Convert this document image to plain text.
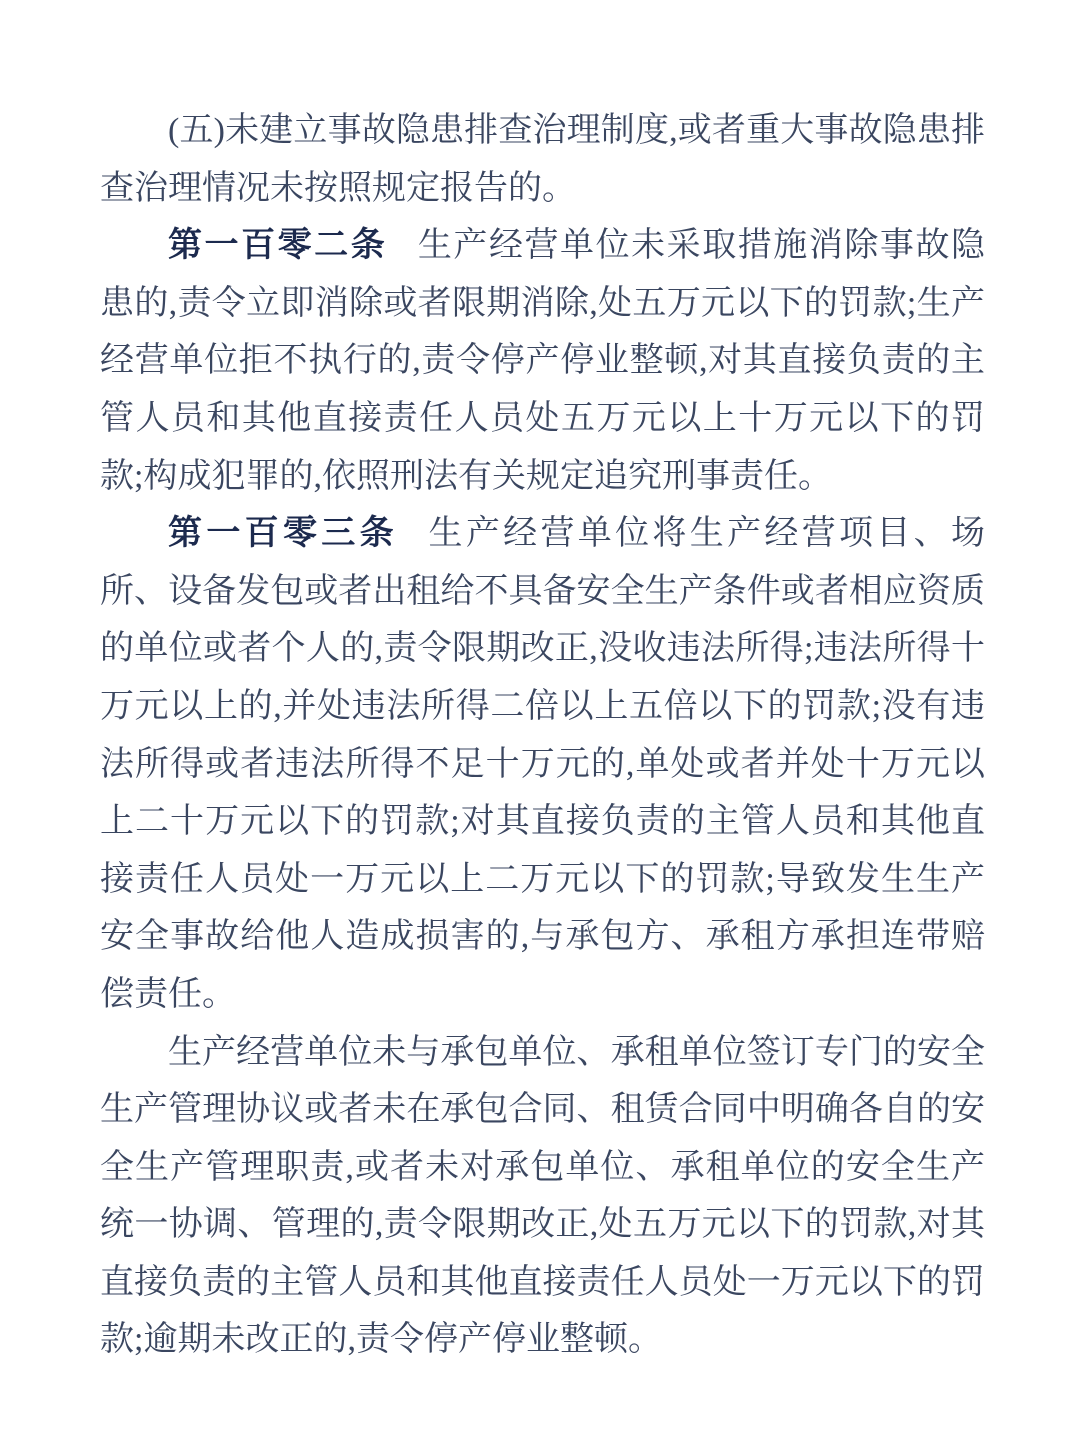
(五)未建立事故隐患排查治理制度,或者重大事故隐患排查治理情况未按照规定报告的。

第一百零二条 生产经营单位未采取措施消除事故隐患的,责令立即消除或者限期消除,处五万元以下的罚款;生产经营单位拒不执行的,责令停产停业整顿,对其直接负责的主管人员和其他直接责任人员处五万元以上十万元以下的罚款;构成犯罪的,依照刑法有关规定追究刑事责任。

第一百零三条 生产经营单位将生产经营项目、场所、设备发包或者出租给不具备安全生产条件或者相应资质的单位或者个人的,责令限期改正,没收违法所得;违法所得十万元以上的,并处违法所得二倍以上五倍以下的罚款;没有违法所得或者违法所得不足十万元的,单处或者并处十万元以上二十万元以下的罚款;对其直接负责的主管人员和其他直接责任人员处一万元以上二万元以下的罚款;导致发生生产安全事故给他人造成损害的,与承包方、承租方承担连带赔偿责任。

生产经营单位未与承包单位、承租单位签订专门的安全生产管理协议或者未在承包合同、租赁合同中明确各自的安全生产管理职责,或者未对承包单位、承租单位的安全生产统一协调、管理的,责令限期改正,处五万元以下的罚款,对其直接负责的主管人员和其他直接责任人员处一万元以下的罚款;逾期未改正的,责令停产停业整顿。
